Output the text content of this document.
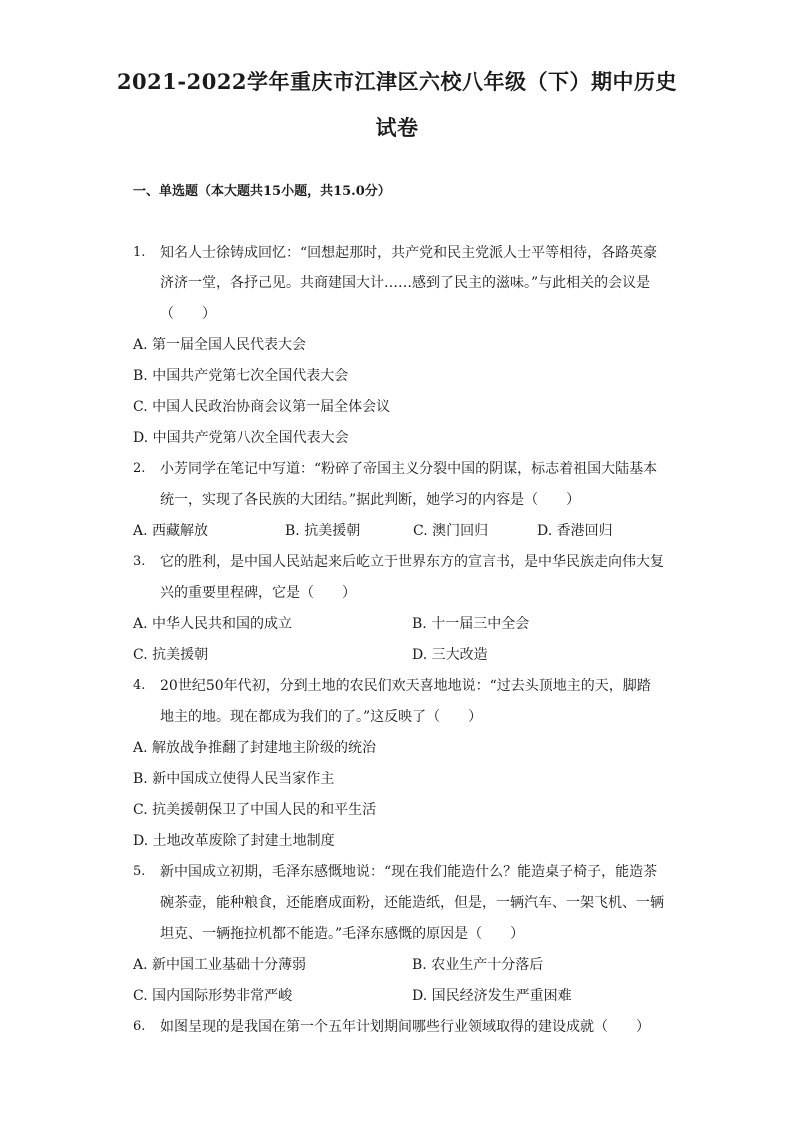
2021-2022学年重庆市江津区六校八年级（下）期中历史
试卷
一、单选题（本大题共15小题，共15.0分）
1. 知名人士徐铸成回忆：“回想起那时，共产党和民主党派人士平等相待，各路英豪
济济一堂，各抒己见。共商建国大计……感到了民主的滋味。”与此相关的会议是
（　　）
A. 第一届全国人民代表大会
B. 中国共产党第七次全国代表大会
C. 中国人民政治协商会议第一届全体会议
D. 中国共产党第八次全国代表大会
2. 小芳同学在笔记中写道：“粉碎了帝国主义分裂中国的阴谋，标志着祖国大陆基本
统一，实现了各民族的大团结。”据此判断，她学习的内容是（　　）
A. 西藏解放	B. 抗美援朝	C. 澳门回归	D. 香港回归
3. 它的胜利，是中国人民站起来后屹立于世界东方的宣言书，是中华民族走向伟大复
兴的重要里程碑，它是（　　）
A. 中华人民共和国的成立	B. 十一届三中全会
C. 抗美援朝	D. 三大改造
4. 20世纪50年代初，分到土地的农民们欢天喜地地说：“过去头顶地主的天，脚踏
地主的地。现在都成为我们的了。”这反映了（　　）
A. 解放战争推翻了封建地主阶级的统治
B. 新中国成立使得人民当家作主
C. 抗美援朝保卫了中国人民的和平生活
D. 土地改革废除了封建土地制度
5. 新中国成立初期，毛泽东感慨地说：“现在我们能造什么？能造桌子椅子，能造茶
碗茶壶，能种粮食，还能磨成面粉，还能造纸，但是，一辆汽车、一架飞机、一辆
坦克、一辆拖拉机都不能造。”毛泽东感慨的原因是（　　）
A. 新中国工业基础十分薄弱	B. 农业生产十分落后
C. 国内国际形势非常严峻	D. 国民经济发生严重困难
6. 如图呈现的是我国在第一个五年计划期间哪些行业领域取得的建设成就（　　）
